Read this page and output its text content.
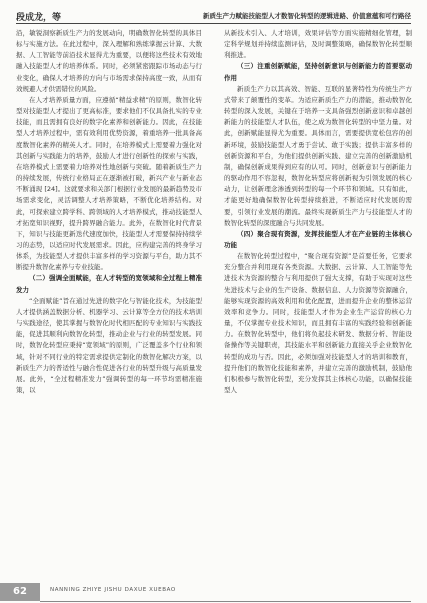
段成龙，等	新质生产力赋能技能型人才数智化转型的逻辑进路、价值意蕴和可行路径

沿，敏锐洞察新质生产力的发展动向，明确数智化转型的具体目标与实施方法。在此过程中，深入理解和熟练掌握云计算、大数据、人工智能等前沿技术显得尤为重要，以便将这些技术有效地融入技能型人才的培养体系。同时，必须紧密跟踪市场动态与行业变化，确保人才培养的方向与市场需求保持高度一致，从而有效规避人才供需错位的风险。

在人才培养质量方面，应遵循“精益求精”的原则，数智化转型对技能型人才提出了更高标准，要求他们不仅具备扎实的专业技能，而且需拥有良好的数字化素养和创新能力。因此，在技能型人才培养过程中，需有效利用优势资源，着重培养一批具备高度数智化素养的精英人才。同时，在培养模式上需要着力强化对其创新与实践能力的培养，鼓励人才进行创新性的探索与实践，在培养模式上需要着力培养对性地创新与突破。随着新质生产力的持续发展，传统行业格局正在逐渐被打破，新兴产业与新业态不断涌现 [24]。这就要求和关部门根据行业发展的最新趋势及市场需求变化，灵活调整人才培养策略，不断优化培养结构。对此，可探索建立跨学科、跨领域的人才培养模式，推动技能型人才拓宽知识视野，提升跨界融合能力。此外，在数智化时代背景下，知识与技能更新迭代速度加快，技能型人才需要保持持续学习的态势，以适应时代发展需求。因此，应构建完善的终身学习体系，为技能型人才提供丰富多样的学习资源与平台，助力其不断提升数智化素养与专业技能。

（二）强调全面赋能，在人才转型的宽领域和全过程上精准发力

“全面赋能”旨在通过先进的数字化与智能化技术，为技能型人才提供涵盖数据分析、机器学习、云计算等全方位的技术培训与实践途径，使其掌握与数智化时代相匹配的专业知识与实践技能，促进其顺利向数智化转型，推动企业与行业的转型发展。同时，数智化转型应秉持“宽领域”的原则，广泛覆盖多个行业和领域，针对不同行业的特定需求提供定制化的数智化解决方案，以新质生产力的普适性与融合性促进各行业的转型升级与高质量发展。此外，“全过程精准发力”强调转型的每一环节均需精准施策，以

从新技术引入、人才培训，效果评估等方面实施精细化管理，制定科学规划并持续监测评估，及时调整策略，确保数智化转型顺利推进。

（三）注重创新赋能，坚持创新意识与创新能力的首要驱动作用

新质生产力以其高效、智能、互联的显著特性为传统生产方式带来了颠覆性的变革。为适应新质生产力的潜能，推动数智化转型的深入发展，关键在于培养一支具备强烈创新意识和卓越创新能力的技能型人才队伍，使之成为数智化转型的中坚力量。对此，创新赋能显得尤为重要。具体而言，需要提供宽松包容的创新环境，鼓励技能型人才勇于尝试、敢于实践；提供丰富多样的创新资源和平台，为他们提供创新实践、建立完善的创新激励机制，确保创新成果得到应有的认可。同时，创新意识与创新能力的驱动作用不容忽视，数智化转型应将创新视为引领发展的核心动力，让创新理念渗透到转型的每一个环节和领域。只有如此，才能更好地确保数智化转型持续推进，不断适应时代发展的需要，引领行业发展的潮流。最终实现新质生产力与技能型人才的数智化转型的深度融合与共同发展。

（四）聚合现有资源，发挥技能型人才在产业链的主体核心功能

在数智化转型过程中，“聚合现有资源”是首要任务，它要求充分整合并利用现有各类资源。大数据、云计算、人工智能等先进技术为资源的整合与利用提供了强大支撑，有助于实现对这些先进技术与企业的生产设备、数据信息、人力资源等资源融合，能够实现资源的高效利用和优化配置，进而提升企业的整体运营效率和竞争力。同时，技能型人才作为企业生产运营的核心力量，不仅掌握专业技术知识，而且拥有丰富的实践经验和创新能力。在数智化转型中，他们将负起技术研发、数据分析、智能设备操作等关键职责，其技能水平和创新能力直接关乎企业数智化转型的成功与否。因此，必须加强对技能型人才的培训和教育，提升他们的数智化技能和素养，并建立完善的激励机制，鼓励他们积极参与数智化转型，充分发挥其主体核心功能，以确保技能型人

62	NANNING ZHIYE JISHU DAXUE XUEBAO
